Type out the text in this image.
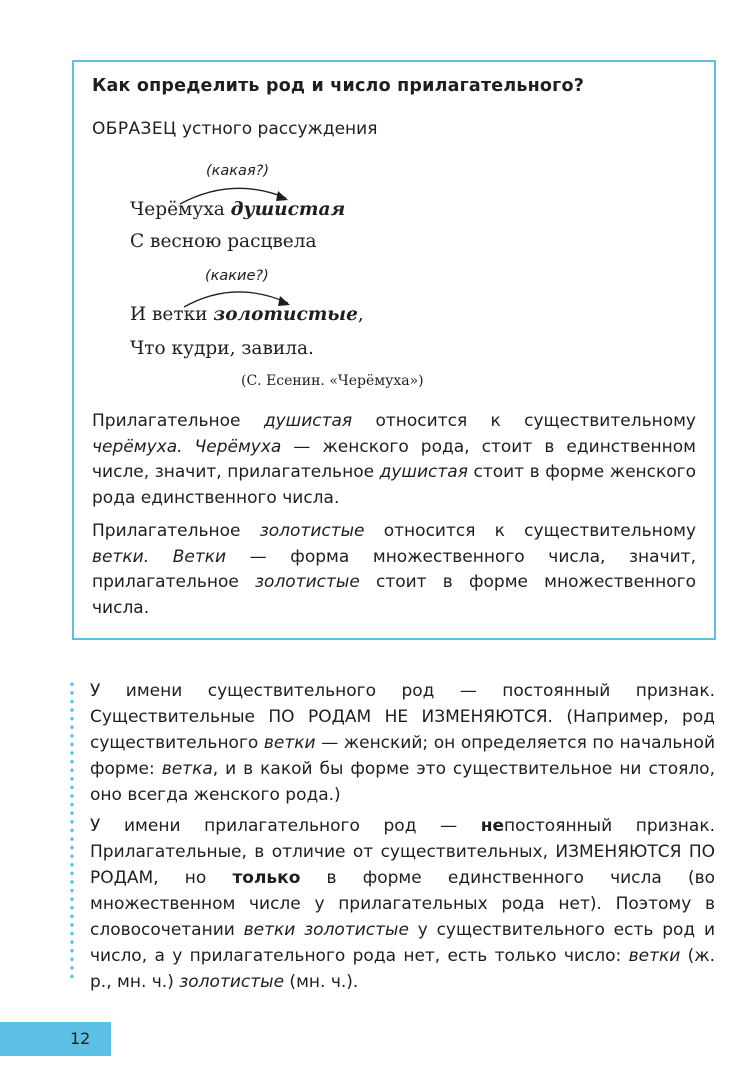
Как определить род и число прилагательного?
ОБРАЗЕЦ устного рассуждения
(какая?)
Черёмуха душистая
С весною расцвела
(какие?)
И ветки золотистые,
Что кудри, завила.
(С. Есенин. «Черёмуха»)
Прилагательное душистая относится к существительному черёмуха. Черёмуха — женского рода, стоит в единственном числе, значит, прилагательное душистая стоит в форме женского рода единственного числа.
Прилагательное золотистые относится к существительному ветки. Ветки — форма множественного числа, значит, прилагательное золотистые стоит в форме множественного числа.
У имени существительного род — постоянный признак. Существительные ПО РОДАМ НЕ ИЗМЕНЯЮТСЯ. (Например, род существительного ветки — женский; он определяется по начальной форме: ветка, и в какой бы форме это существительное ни стояло, оно всегда женского рода.)
У имени прилагательного род — непостоянный признак. Прилагательные, в отличие от существительных, ИЗМЕНЯЮТСЯ ПО РОДАМ, но только в форме единственного числа (во множественном числе у прилагательных рода нет). Поэтому в словосочетании ветки золотистые у существительного есть род и число, а у прилагательного рода нет, есть только число: ветки (ж. р., мн. ч.) золотистые (мн. ч.).
12
